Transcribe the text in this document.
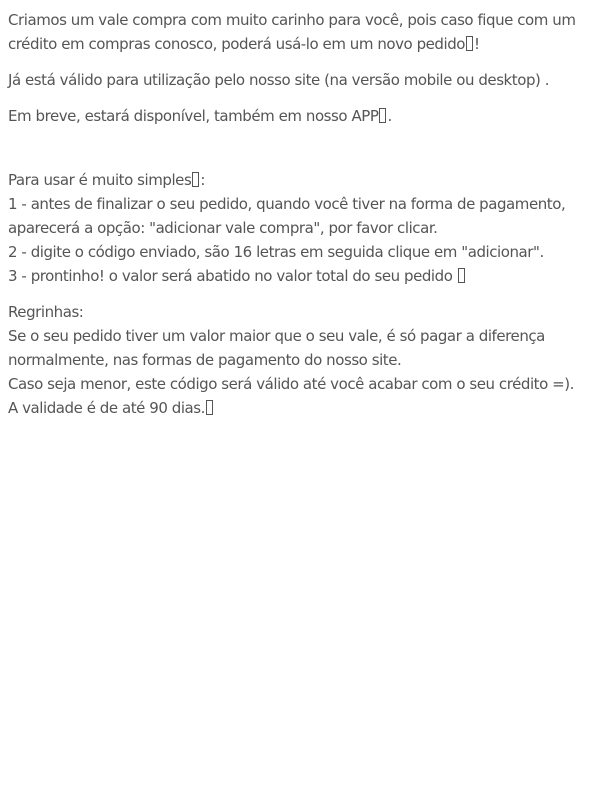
Criamos um vale compra com muito carinho para você, pois caso fique com um crédito em compras conosco, poderá usá-lo em um novo pedido !

Já está válido para utilização pelo nosso site (na versão mobile ou desktop) .

Em breve, estará disponível, também em nosso APP .

Para usar é muito simples :
1 - antes de finalizar o seu pedido, quando você tiver na forma de pagamento, aparecerá a opção: "adicionar vale compra", por favor clicar.
2 - digite o código enviado, são 16 letras em seguida clique em "adicionar".
3 - prontinho! o valor será abatido no valor total do seu pedido

Regrinhas:
Se o seu pedido tiver um valor maior que o seu vale, é só pagar a diferença normalmente, nas formas de pagamento do nosso site.
Caso seja menor, este código será válido até você acabar com o seu crédito =).
A validade é de até 90 dias.
